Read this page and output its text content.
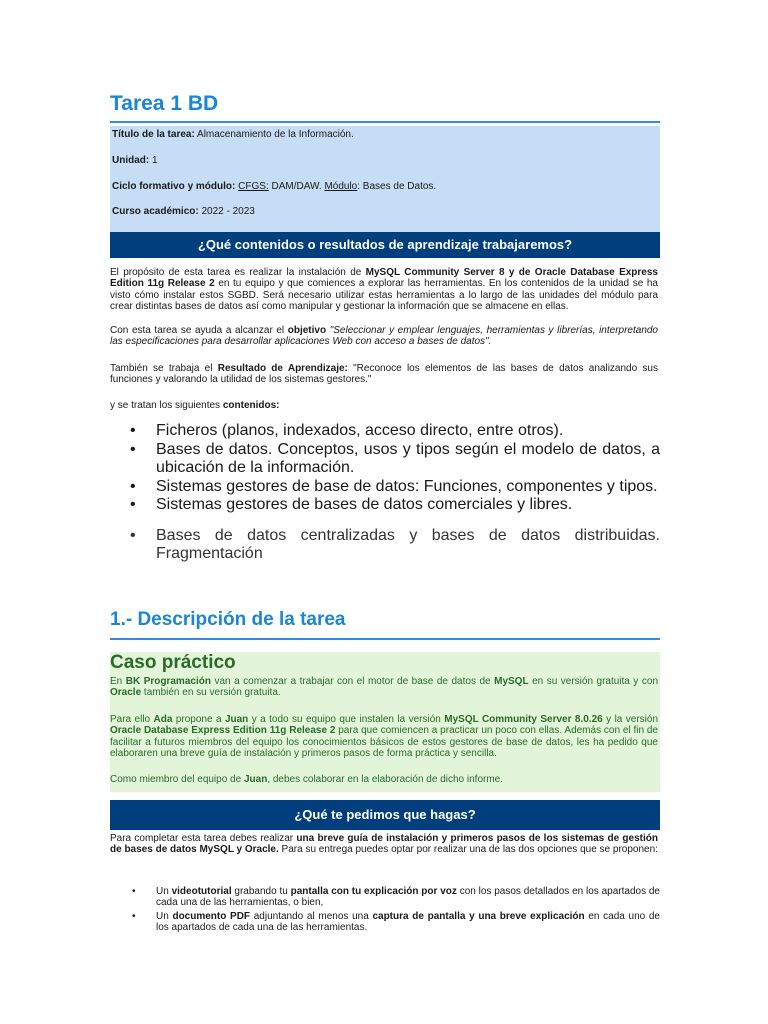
Tarea 1 BD
Título de la tarea: Almacenamiento de la Información.
Unidad: 1
Ciclo formativo y módulo: CFGS: DAM/DAW. Módulo: Bases de Datos.
Curso académico: 2022 - 2023
¿Qué contenidos o resultados de aprendizaje trabajaremos?
El propósito de esta tarea es realizar la instalación de MySQL Community Server 8 y de Oracle Database Express Edition 11g Release 2 en tu equipo y que comiences a explorar las herramientas. En los contenidos de la unidad se ha visto cómo instalar estos SGBD. Será necesario utilizar estas herramientas a lo largo de las unidades del módulo para crear distintas bases de datos así como manipular y gestionar la información que se almacene en ellas.
Con esta tarea se ayuda a alcanzar el objetivo "Seleccionar y emplear lenguajes, herramientas y librerías, interpretando las especificaciones para desarrollar aplicaciones Web con acceso a bases de datos".
También se trabaja el Resultado de Aprendizaje: "Reconoce los elementos de las bases de datos analizando sus funciones y valorando la utilidad de los sistemas gestores."
y se tratan los siguientes contenidos:
• Ficheros (planos, indexados, acceso directo, entre otros).
• Bases de datos. Conceptos, usos y tipos según el modelo de datos, a ubicación de la información.
• Sistemas gestores de base de datos: Funciones, componentes y tipos.
• Sistemas gestores de bases de datos comerciales y libres.
• Bases de datos centralizadas y bases de datos distribuidas. Fragmentación
1.- Descripción de la tarea
Caso práctico
En BK Programación van a comenzar a trabajar con el motor de base de datos de MySQL en su versión gratuita y con Oracle también en su versión gratuita.
Para ello Ada propone a Juan y a todo su equipo que instalen la versión MySQL Community Server 8.0.26 y la versión Oracle Database Express Edition 11g Release 2 para que comiencen a practicar un poco con ellas. Además con el fin de facilitar a futuros miembros del equipo los conocimientos básicos de estos gestores de base de datos, les ha pedido que elaboraren una breve guía de instalación y primeros pasos de forma práctica y sencilla.
Como miembro del equipo de Juan, debes colaborar en la elaboración de dicho informe.
¿Qué te pedimos que hagas?
Para completar esta tarea debes realizar una breve guía de instalación y primeros pasos de los sistemas de gestión de bases de datos MySQL y Oracle. Para su entrega puedes optar por realizar una de las dos opciones que se proponen:
• Un videotutorial grabando tu pantalla con tu explicación por voz con los pasos detallados en los apartados de cada una de las herramientas, o bien,
• Un documento PDF adjuntando al menos una captura de pantalla y una breve explicación en cada uno de los apartados de cada una de las herramientas.
